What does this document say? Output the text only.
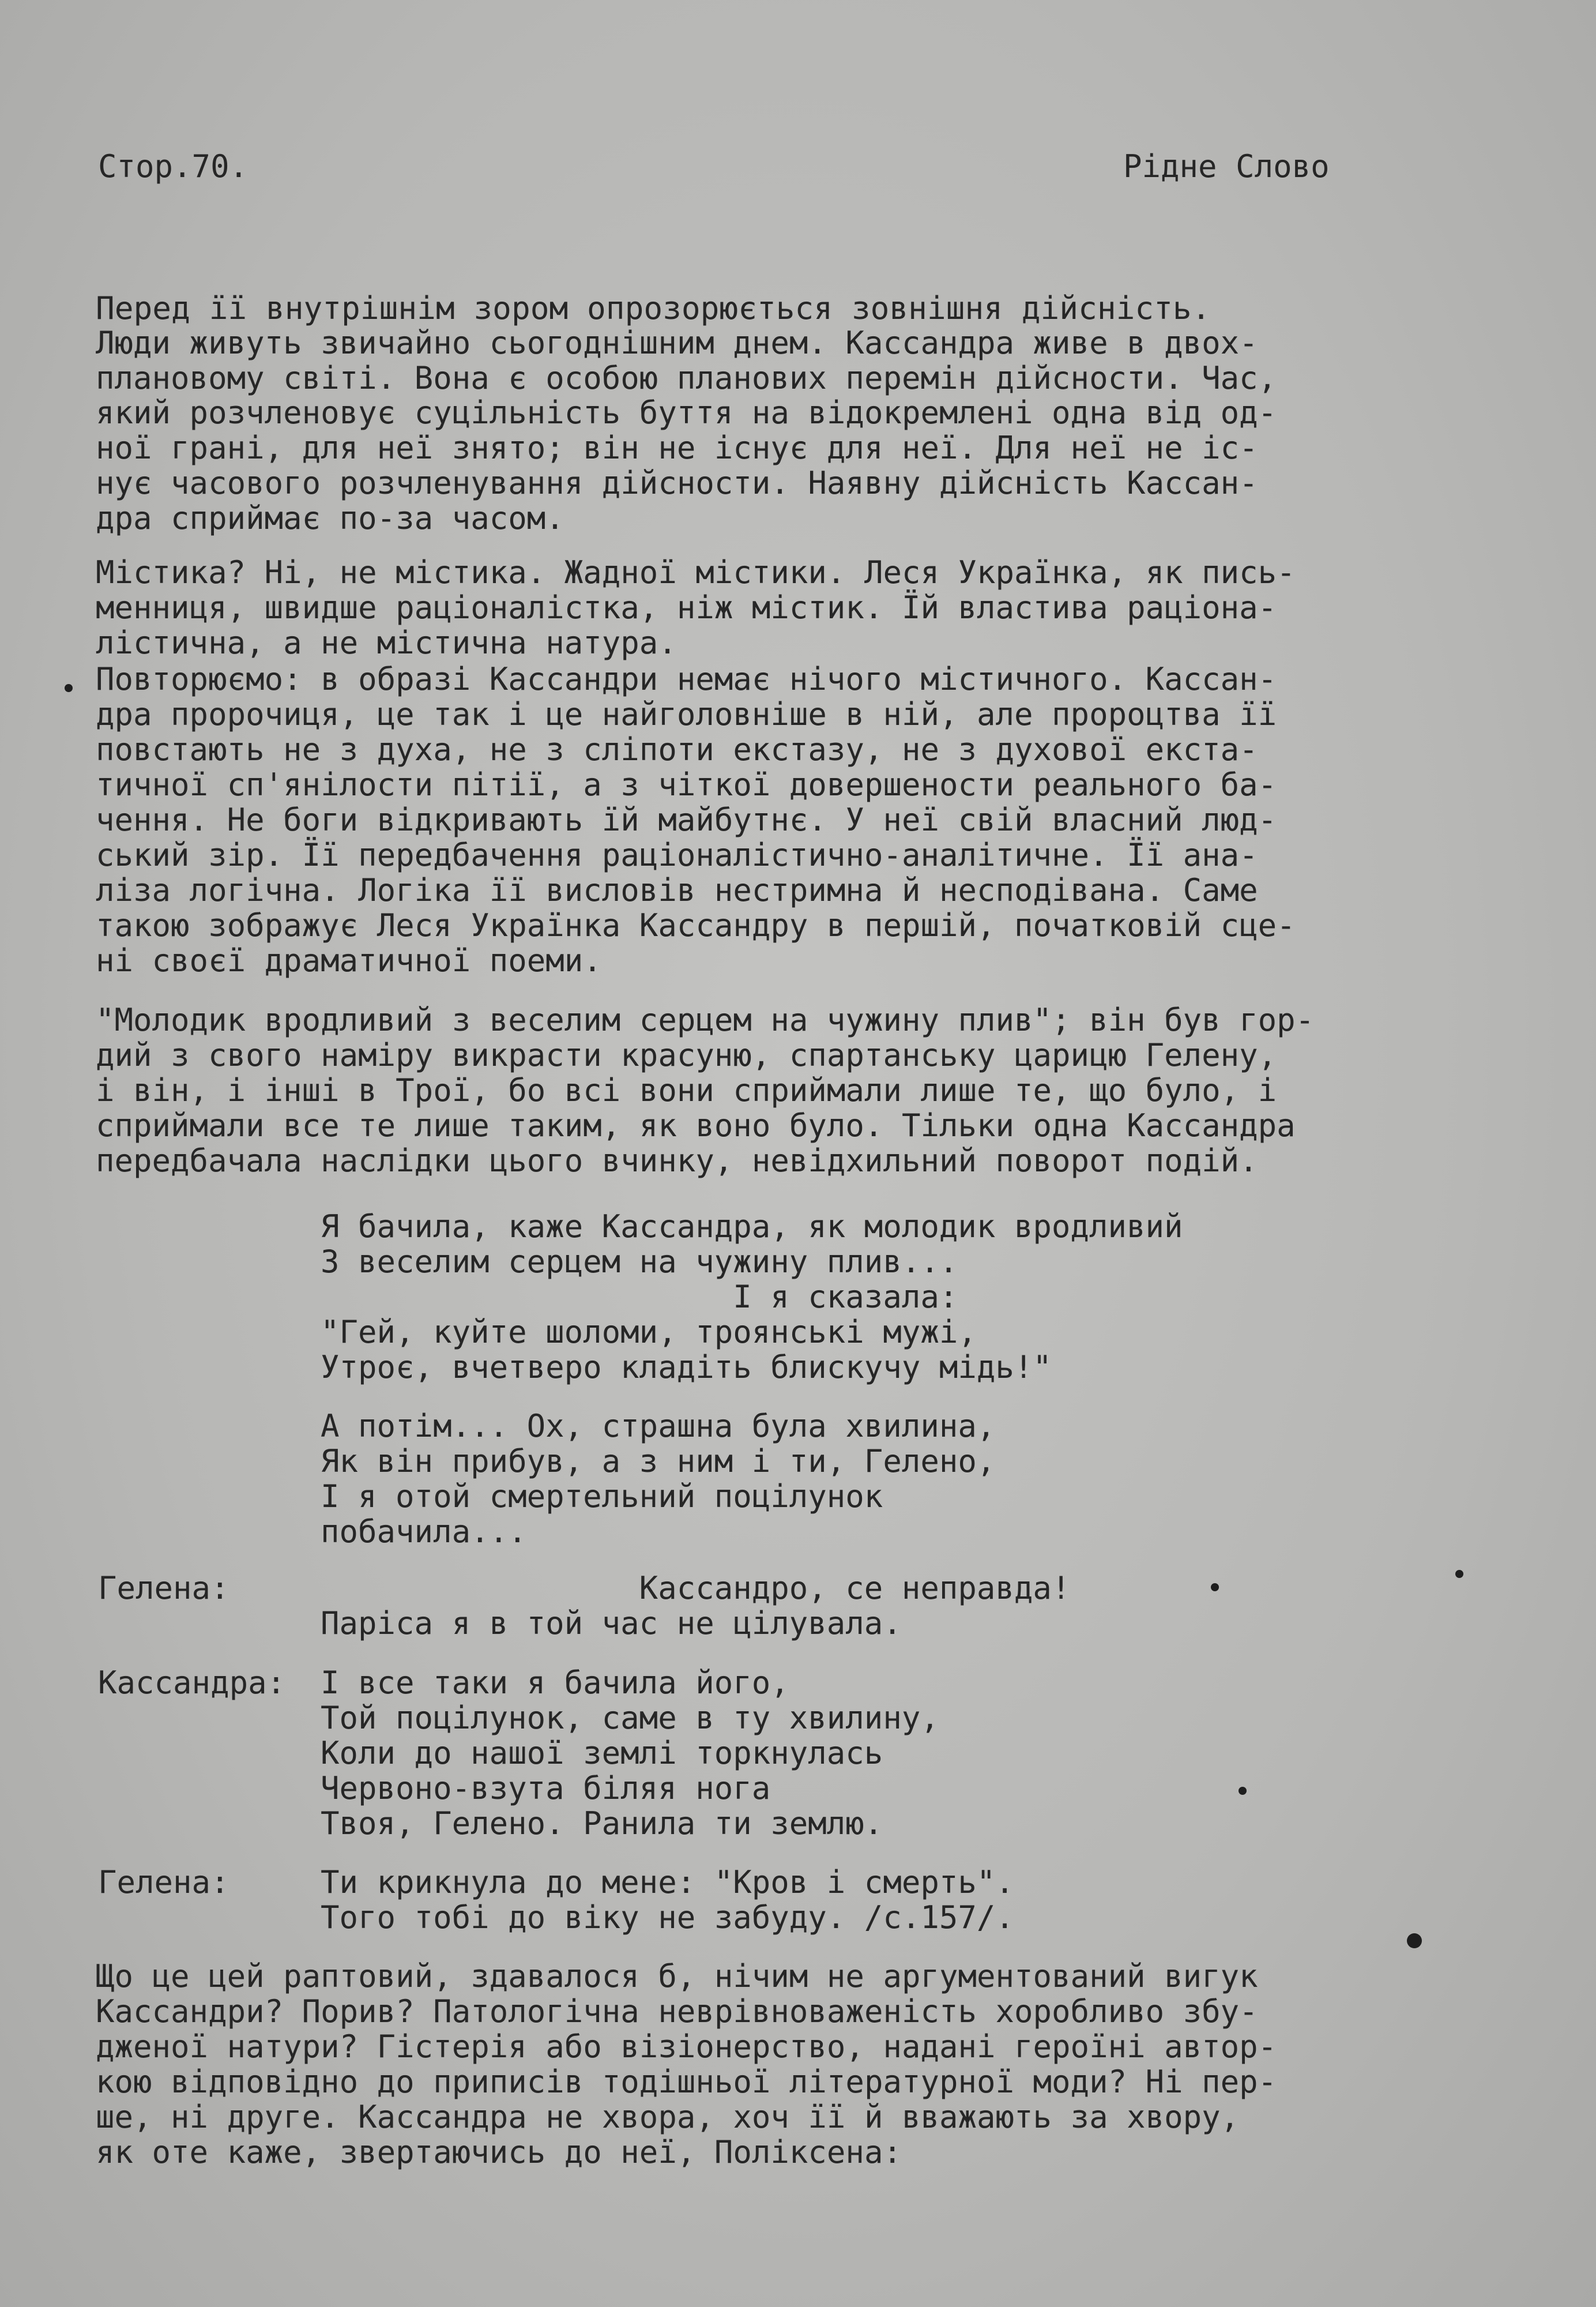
Стор.70.	Рідне Слово
Перед її внутрішнім зором опрозорюється зовнішня дійсність.
Люди живуть звичайно сьогоднішним днем. Кассандра живе в двох-
плановому світі. Вона є особою планових перемін дійсности. Час,
який розчленовує суцільність буття на відокремлені одна від од-
ної грані, для неї знято; він не існує для неї. Для неї не іс-
нує часового розчленування дійсности. Наявну дійсність Кассан-
дра сприймає по-за часом.
Містика? Ні, не містика. Жадної містики. Леся Українка, як пись-
менниця, швидше раціоналістка, ніж містик. Їй властива раціона-
лістична, а не містична натура.
Повторюємо: в образі Кассандри немає нічого містичного. Кассан-
дра пророчиця, це так і це найголовніше в ній, але пророцтва її
повстають не з духа, не з сліпоти екстазу, не з духової екста-
тичної сп'янілости пітії, а з чіткої довершености реального ба-
чення. Не боги відкривають їй майбутнє. У неї свій власний люд-
ський зір. Її передбачення раціоналістично-аналітичне. Її ана-
ліза логічна. Логіка її висловів нестримна й несподівана. Саме
такою зображує Леся Українка Кассандру в першій, початковій сце-
ні своєї драматичної поеми.
"Молодик вродливий з веселим серцем на чужину плив"; він був гор-
дий з свого наміру викрасти красуню, спартанську царицю Гелену,
і він, і інші в Трої, бо всі вони сприймали лише те, що було, і
сприймали все те лише таким, як воно було. Тільки одна Кассандра
передбачала наслідки цього вчинку, невідхильний поворот подій.
Я бачила, каже Кассандра, як молодик вродливий
З веселим серцем на чужину плив...
І я сказала:
"Гей, куйте шоломи, троянські мужі,
Утроє, вчетверо кладіть блискучу мідь!"
А потім... Ох, страшна була хвилина,
Як він прибув, а з ним і ти, Гелено,
І я отой смертельний поцілунок
побачила...
Гелена:	Кассандро, се неправда!
Паріса я в той час не цілувала.
Кассандра: І все таки я бачила його,
Той поцілунок, саме в ту хвилину,
Коли до нашої землі торкнулась
Червоно-взута біляя нога
Твоя, Гелено. Ранила ти землю.
Гелена:	Ти крикнула до мене: "Кров і смерть".
Того тобі до віку не забуду. /с.157/.
Що це цей раптовий, здавалося б, нічим не аргументований вигук
Кассандри? Порив? Патологічна неврівноваженість хоробливо збу-
дженої натури? Гістерія або візіонерство, надані героїні автор-
кою відповідно до приписів тодішньої літературної моди? Ні пер-
ше, ні друге. Кассандра не хвора, хоч її й вважають за хвору,
як оте каже, звертаючись до неї, Поліксена:
